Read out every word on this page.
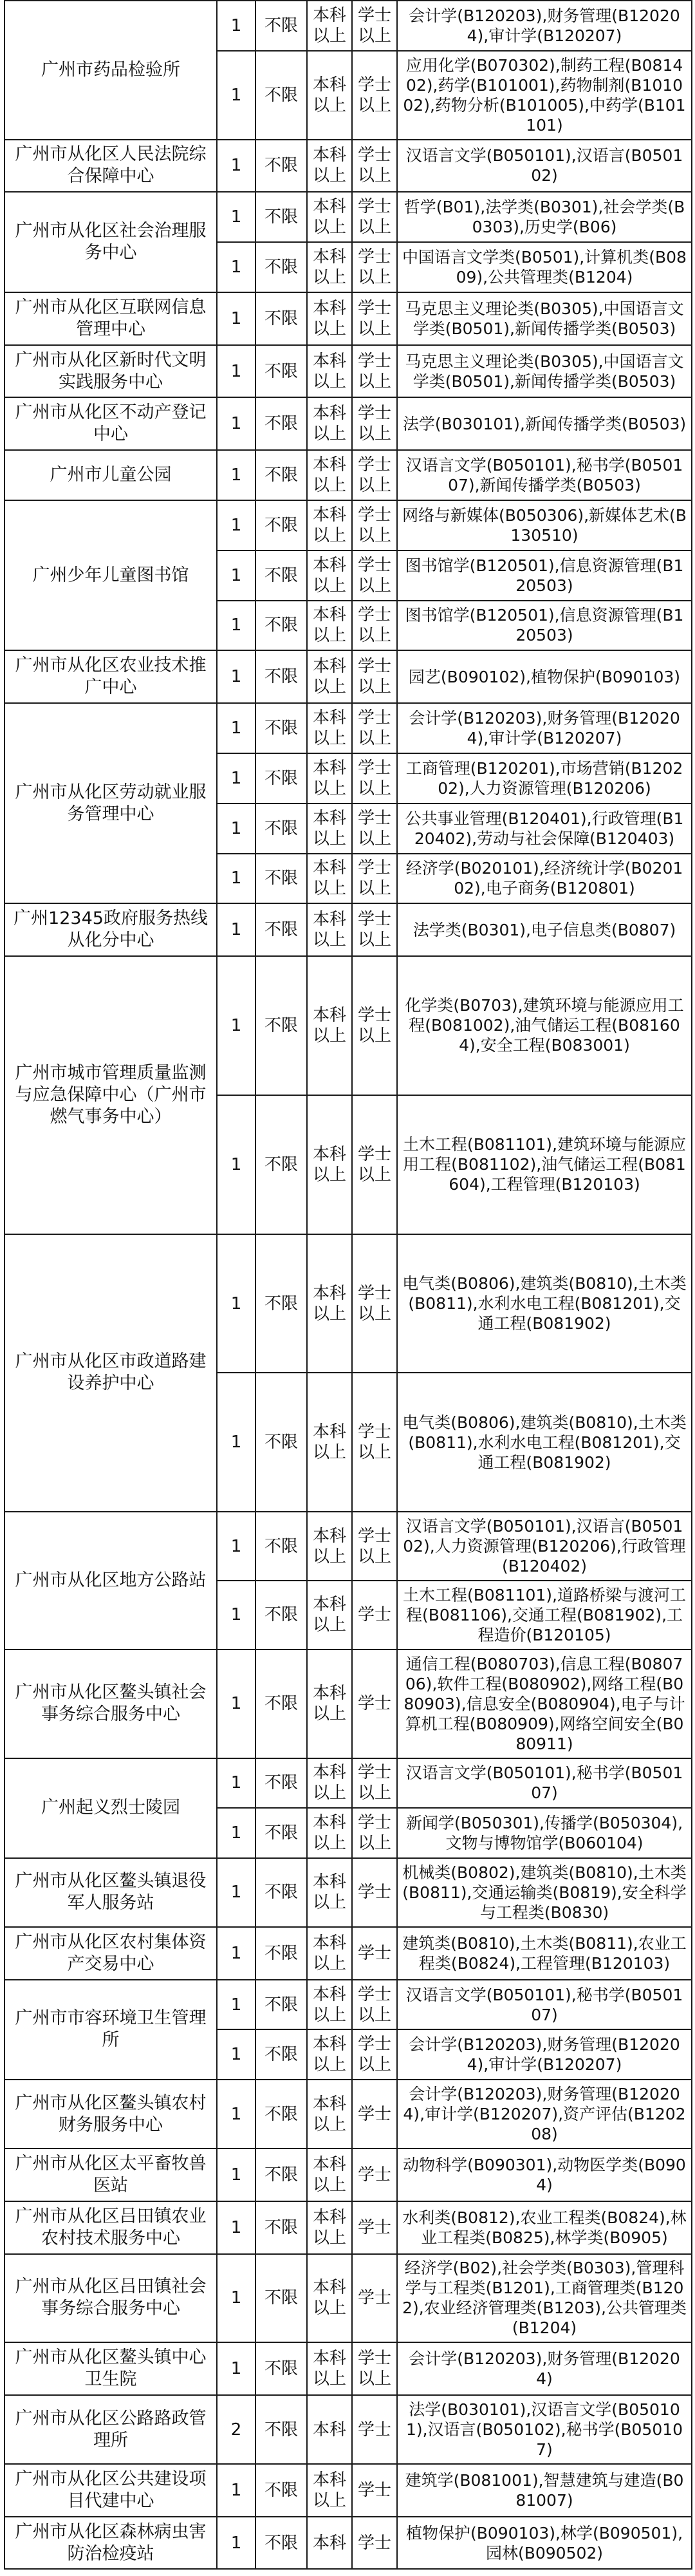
广州市药品检验所	1	不限	本科以上	学士以上	会计学(B120203),财务管理(B120204),审计学(B120207)
	1	不限	本科以上	学士以上	应用化学(B070302),制药工程(B081402),药学(B101001),药物制剂(B101002),药物分析(B101005),中药学(B101101)
广州市从化区人民法院综合保障中心	1	不限	本科以上	学士以上	汉语言文学(B050101),汉语言(B050102)
广州市从化区社会治理服务中心	1	不限	本科以上	学士以上	哲学(B01),法学类(B0301),社会学类(B0303),历史学(B06)
	1	不限	本科以上	学士以上	中国语言文学类(B0501),计算机类(B0809),公共管理类(B1204)
广州市从化区互联网信息管理中心	1	不限	本科以上	学士以上	马克思主义理论类(B0305),中国语言文学类(B0501),新闻传播学类(B0503)
广州市从化区新时代文明实践服务中心	1	不限	本科以上	学士以上	马克思主义理论类(B0305),中国语言文学类(B0501),新闻传播学类(B0503)
广州市从化区不动产登记中心	1	不限	本科以上	学士以上	法学(B030101),新闻传播学类(B0503)
广州市儿童公园	1	不限	本科以上	学士以上	汉语言文学(B050101),秘书学(B050107),新闻传播学类(B0503)
广州少年儿童图书馆	1	不限	本科以上	学士以上	网络与新媒体(B050306),新媒体艺术(B130510)
	1	不限	本科以上	学士以上	图书馆学(B120501),信息资源管理(B120503)
	1	不限	本科以上	学士以上	图书馆学(B120501),信息资源管理(B120503)
广州市从化区农业技术推广中心	1	不限	本科以上	学士以上	园艺(B090102),植物保护(B090103)
广州市从化区劳动就业服务管理中心	1	不限	本科以上	学士以上	会计学(B120203),财务管理(B120204),审计学(B120207)
	1	不限	本科以上	学士以上	工商管理(B120201),市场营销(B120202),人力资源管理(B120206)
	1	不限	本科以上	学士以上	公共事业管理(B120401),行政管理(B120402),劳动与社会保障(B120403)
	1	不限	本科以上	学士以上	经济学(B020101),经济统计学(B020102),电子商务(B120801)
广州12345政府服务热线从化分中心	1	不限	本科以上	学士以上	法学类(B0301),电子信息类(B0807)
广州市城市管理质量监测与应急保障中心（广州市燃气事务中心）	1	不限	本科以上	学士以上	化学类(B0703),建筑环境与能源应用工程(B081002),油气储运工程(B081604),安全工程(B083001)
	1	不限	本科以上	学士以上	土木工程(B081101),建筑环境与能源应用工程(B081102),油气储运工程(B081604),工程管理(B120103)
广州市从化区市政道路建设养护中心	1	不限	本科以上	学士以上	电气类(B0806),建筑类(B0810),土木类(B0811),水利水电工程(B081201),交通工程(B081902)
	1	不限	本科以上	学士以上	电气类(B0806),建筑类(B0810),土木类(B0811),水利水电工程(B081201),交通工程(B081902)
广州市从化区地方公路站	1	不限	本科以上	学士以上	汉语言文学(B050101),汉语言(B050102),人力资源管理(B120206),行政管理(B120402)
	1	不限	本科以上	学士	土木工程(B081101),道路桥梁与渡河工程(B081106),交通工程(B081902),工程造价(B120105)
广州市从化区鳌头镇社会事务综合服务中心	1	不限	本科以上	学士	通信工程(B080703),信息工程(B080706),软件工程(B080902),网络工程(B080903),信息安全(B080904),电子与计算机工程(B080909),网络空间安全(B080911)
广州起义烈士陵园	1	不限	本科以上	学士以上	汉语言文学(B050101),秘书学(B050107)
	1	不限	本科以上	学士以上	新闻学(B050301),传播学(B050304),文物与博物馆学(B060104)
广州市从化区鳌头镇退役军人服务站	1	不限	本科以上	学士	机械类(B0802),建筑类(B0810),土木类(B0811),交通运输类(B0819),安全科学与工程类(B0830)
广州市从化区农村集体资产交易中心	1	不限	本科以上	学士	建筑类(B0810),土木类(B0811),农业工程类(B0824),工程管理(B120103)
广州市市容环境卫生管理所	1	不限	本科以上	学士以上	汉语言文学(B050101),秘书学(B050107)
	1	不限	本科以上	学士以上	会计学(B120203),财务管理(B120204),审计学(B120207)
广州市从化区鳌头镇农村财务服务中心	1	不限	本科以上	学士	会计学(B120203),财务管理(B120204),审计学(B120207),资产评估(B120208)
广州市从化区太平畜牧兽医站	1	不限	本科以上	学士	动物科学(B090301),动物医学类(B0904)
广州市从化区吕田镇农业农村技术服务中心	1	不限	本科以上	学士	水利类(B0812),农业工程类(B0824),林业工程类(B0825),林学类(B0905)
广州市从化区吕田镇社会事务综合服务中心	1	不限	本科以上	学士	经济学(B02),社会学类(B0303),管理科学与工程类(B1201),工商管理类(B1202),农业经济管理类(B1203),公共管理类(B1204)
广州市从化区鳌头镇中心卫生院	1	不限	本科以上	学士以上	会计学(B120203),财务管理(B120204)
广州市从化区公路路政管理所	2	不限	本科	学士	法学(B030101),汉语言文学(B050101),汉语言(B050102),秘书学(B050107)
广州市从化区公共建设项目代建中心	1	不限	本科以上	学士	建筑学(B081001),智慧建筑与建造(B081007)
广州市从化区森林病虫害防治检疫站	1	不限	本科	学士	植物保护(B090103),林学(B090501),园林(B090502)
